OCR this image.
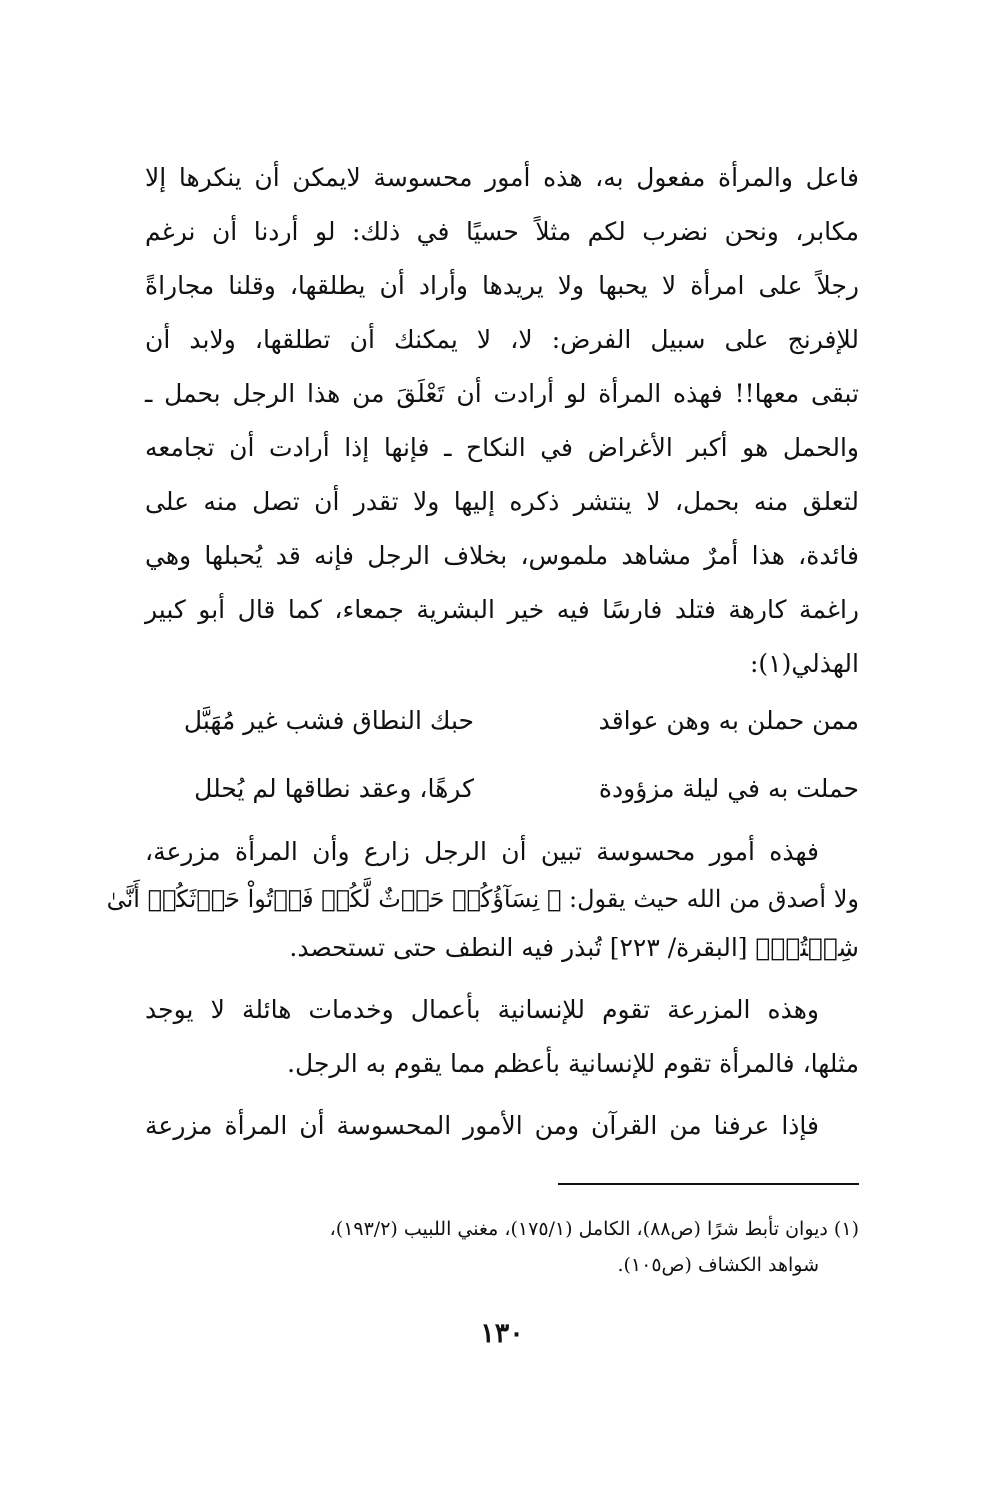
فاعل والمرأة مفعول به، هذه أمور محسوسة لايمكن أن ينكرها إلا
مكابر، ونحن نضرب لكم مثلاً حسيًا في ذلك: لو أردنا أن نرغم
رجلاً على امرأة لا يحبها ولا يريدها وأراد أن يطلقها، وقلنا مجاراةً
للإفرنج على سبيل الفرض: لا، لا يمكنك أن تطلقها، ولابد أن
تبقى معها!! فهذه المرأة لو أرادت أن تَعْلَقَ من هذا الرجل بحمل ـ
والحمل هو أكبر الأغراض في النكاح ـ فإنها إذا أرادت أن تجامعه
لتعلق منه بحمل، لا ينتشر ذكره إليها ولا تقدر أن تصل منه على
فائدة، هذا أمرٌ مشاهد ملموس، بخلاف الرجل فإنه قد يُحبلها وهي
راغمة كارهة فتلد فارسًا فيه خير البشرية جمعاء، كما قال أبو كبير
الهذلي(١):
ممن حملن به وهن عواقد
حبك النطاق فشب غير مُهَبَّل
حملت به في ليلة مزؤودة
كرهًا، وعقد نطاقها لم يُحلل
فهذه أمور محسوسة تبين أن الرجل زارع وأن المرأة مزرعة،
ولا أصدق من الله حيث يقول: ﴿ نِسَآؤُكُمۡ حَرۡثٌ لَّكُمۡ فَأۡتُواْ حَرۡثَكُمۡ أَنَّىٰ
شِئۡتُمۡ﴾ [البقرة/ ٢٢٣] تُبذر فيه النطف حتى تستحصد.
وهذه المزرعة تقوم للإنسانية بأعمال وخدمات هائلة لا يوجد
مثلها، فالمرأة تقوم للإنسانية بأعظم مما يقوم به الرجل.
فإذا عرفنا من القرآن ومن الأمور المحسوسة أن المرأة مزرعة
(١) ديوان تأبط شرًا (ص٨٨)، الكامل (١٧٥/١)، مغني اللبيب (١٩٣/٢)،
شواهد الكشاف (ص١٠٥).
١٣٠
